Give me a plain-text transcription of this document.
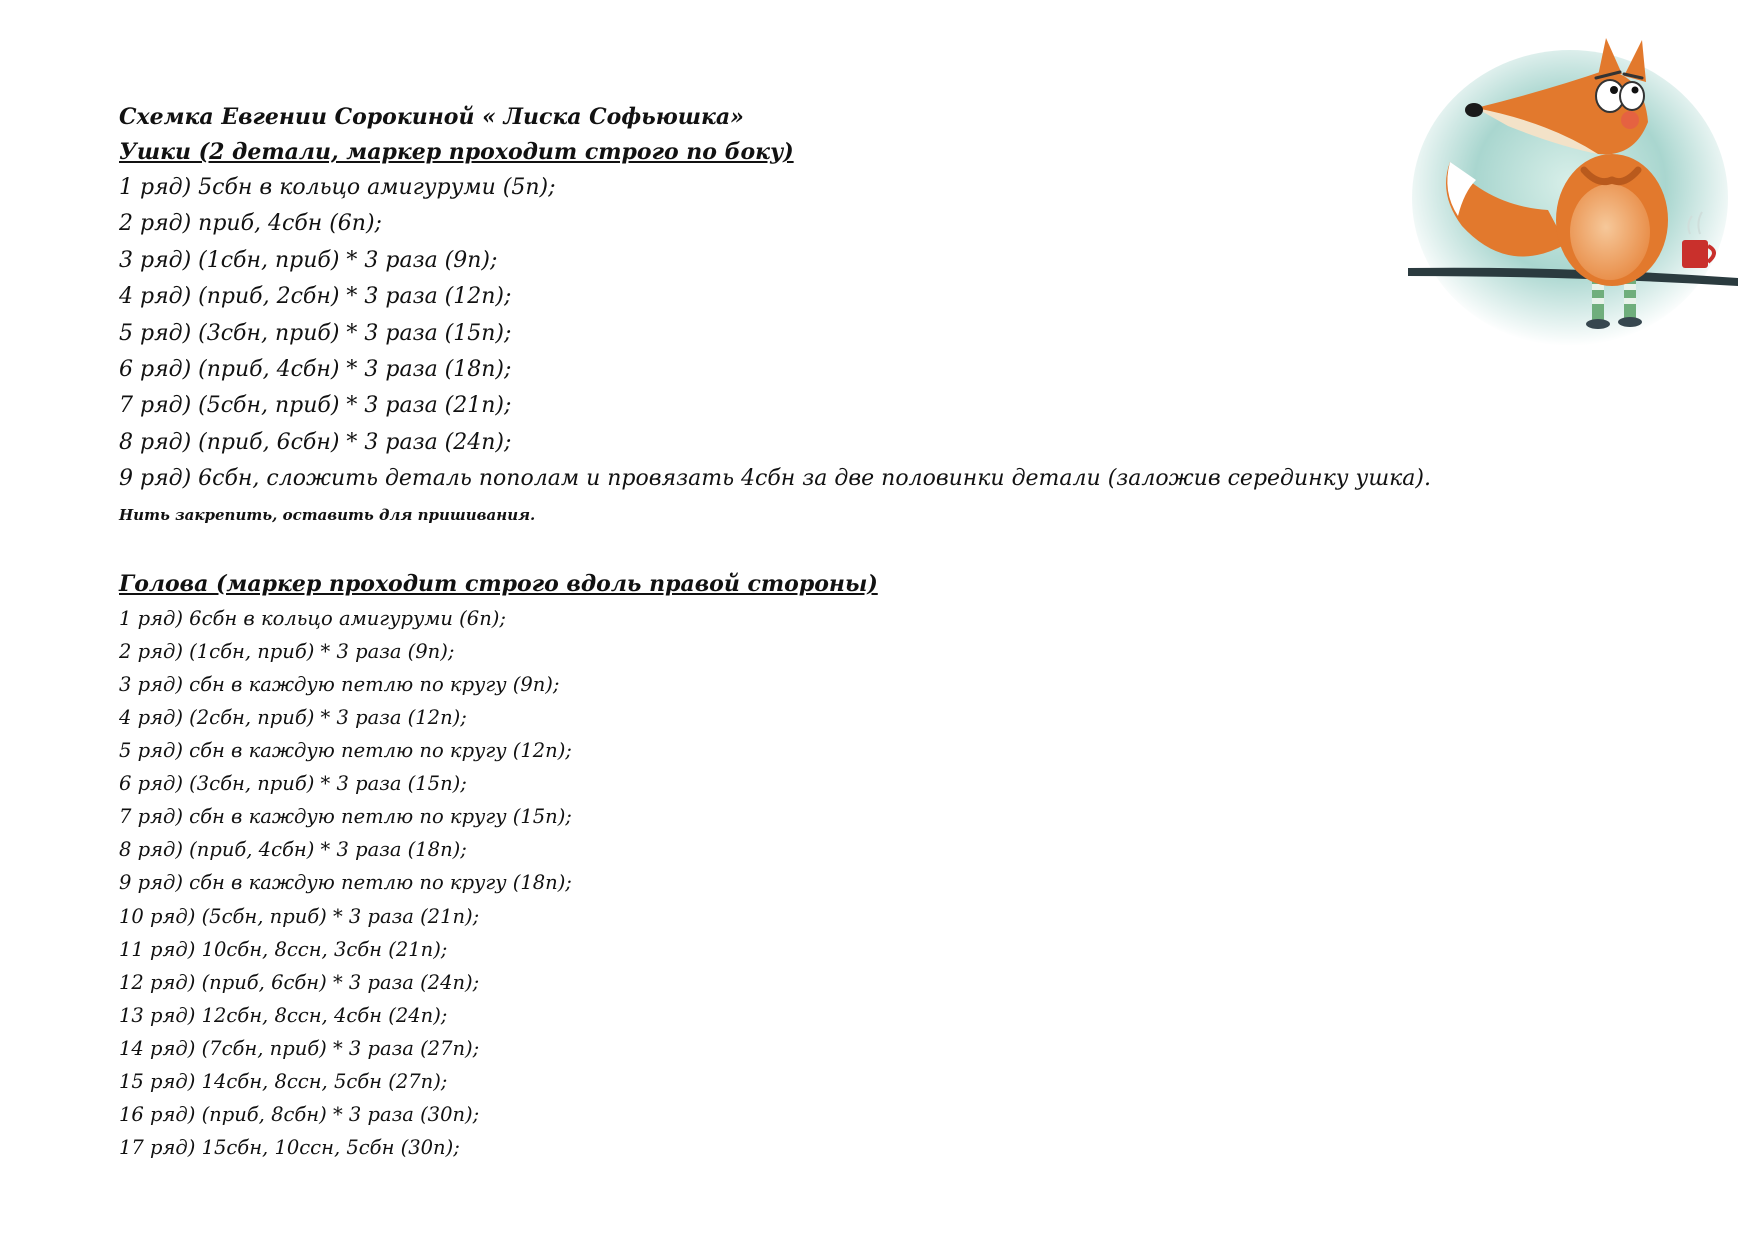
Схемка Евгении Сорокиной « Лиска Софьюшка»
Ушки (2 детали, маркер проходит строго по боку)
1 ряд) 5сбн в кольцо амигуруми (5п);
2 ряд) приб, 4сбн (6п);
3 ряд) (1сбн, приб) * 3 раза (9п);
4 ряд) (приб, 2сбн) * 3 раза (12п);
5 ряд) (3сбн, приб) * 3 раза (15п);
6 ряд) (приб, 4сбн) * 3 раза (18п);
7 ряд) (5сбн, приб) * 3 раза (21п);
8 ряд) (приб, 6сбн) * 3 раза (24п);
9 ряд) 6сбн, сложить деталь пополам и провязать 4сбн за две половинки детали (заложив серединку ушка).
Нить закрепить, оставить для пришивания.
Голова (маркер проходит строго вдоль правой стороны)
1 ряд) 6сбн в кольцо амигуруми (6п);
2 ряд) (1сбн, приб) * 3 раза (9п);
3 ряд) сбн в каждую петлю по кругу (9п);
4 ряд) (2сбн, приб) * 3 раза (12п);
5 ряд) сбн в каждую петлю по кругу (12п);
6 ряд) (3сбн, приб) * 3 раза (15п);
7 ряд) сбн в каждую петлю по кругу (15п);
8 ряд) (приб, 4сбн) * 3 раза (18п);
9 ряд) сбн в каждую петлю по кругу (18п);
10 ряд) (5сбн, приб) * 3 раза (21п);
11 ряд) 10сбн, 8ссн, 3сбн (21п);
12 ряд) (приб, 6сбн) * 3 раза (24п);
13 ряд) 12сбн, 8ссн, 4сбн (24п);
14 ряд) (7сбн, приб) * 3 раза (27п);
15 ряд) 14сбн, 8ссн, 5сбн (27п);
16 ряд) (приб, 8сбн) * 3 раза (30п);
17 ряд) 15сбн, 10ссн, 5сбн (30п);
